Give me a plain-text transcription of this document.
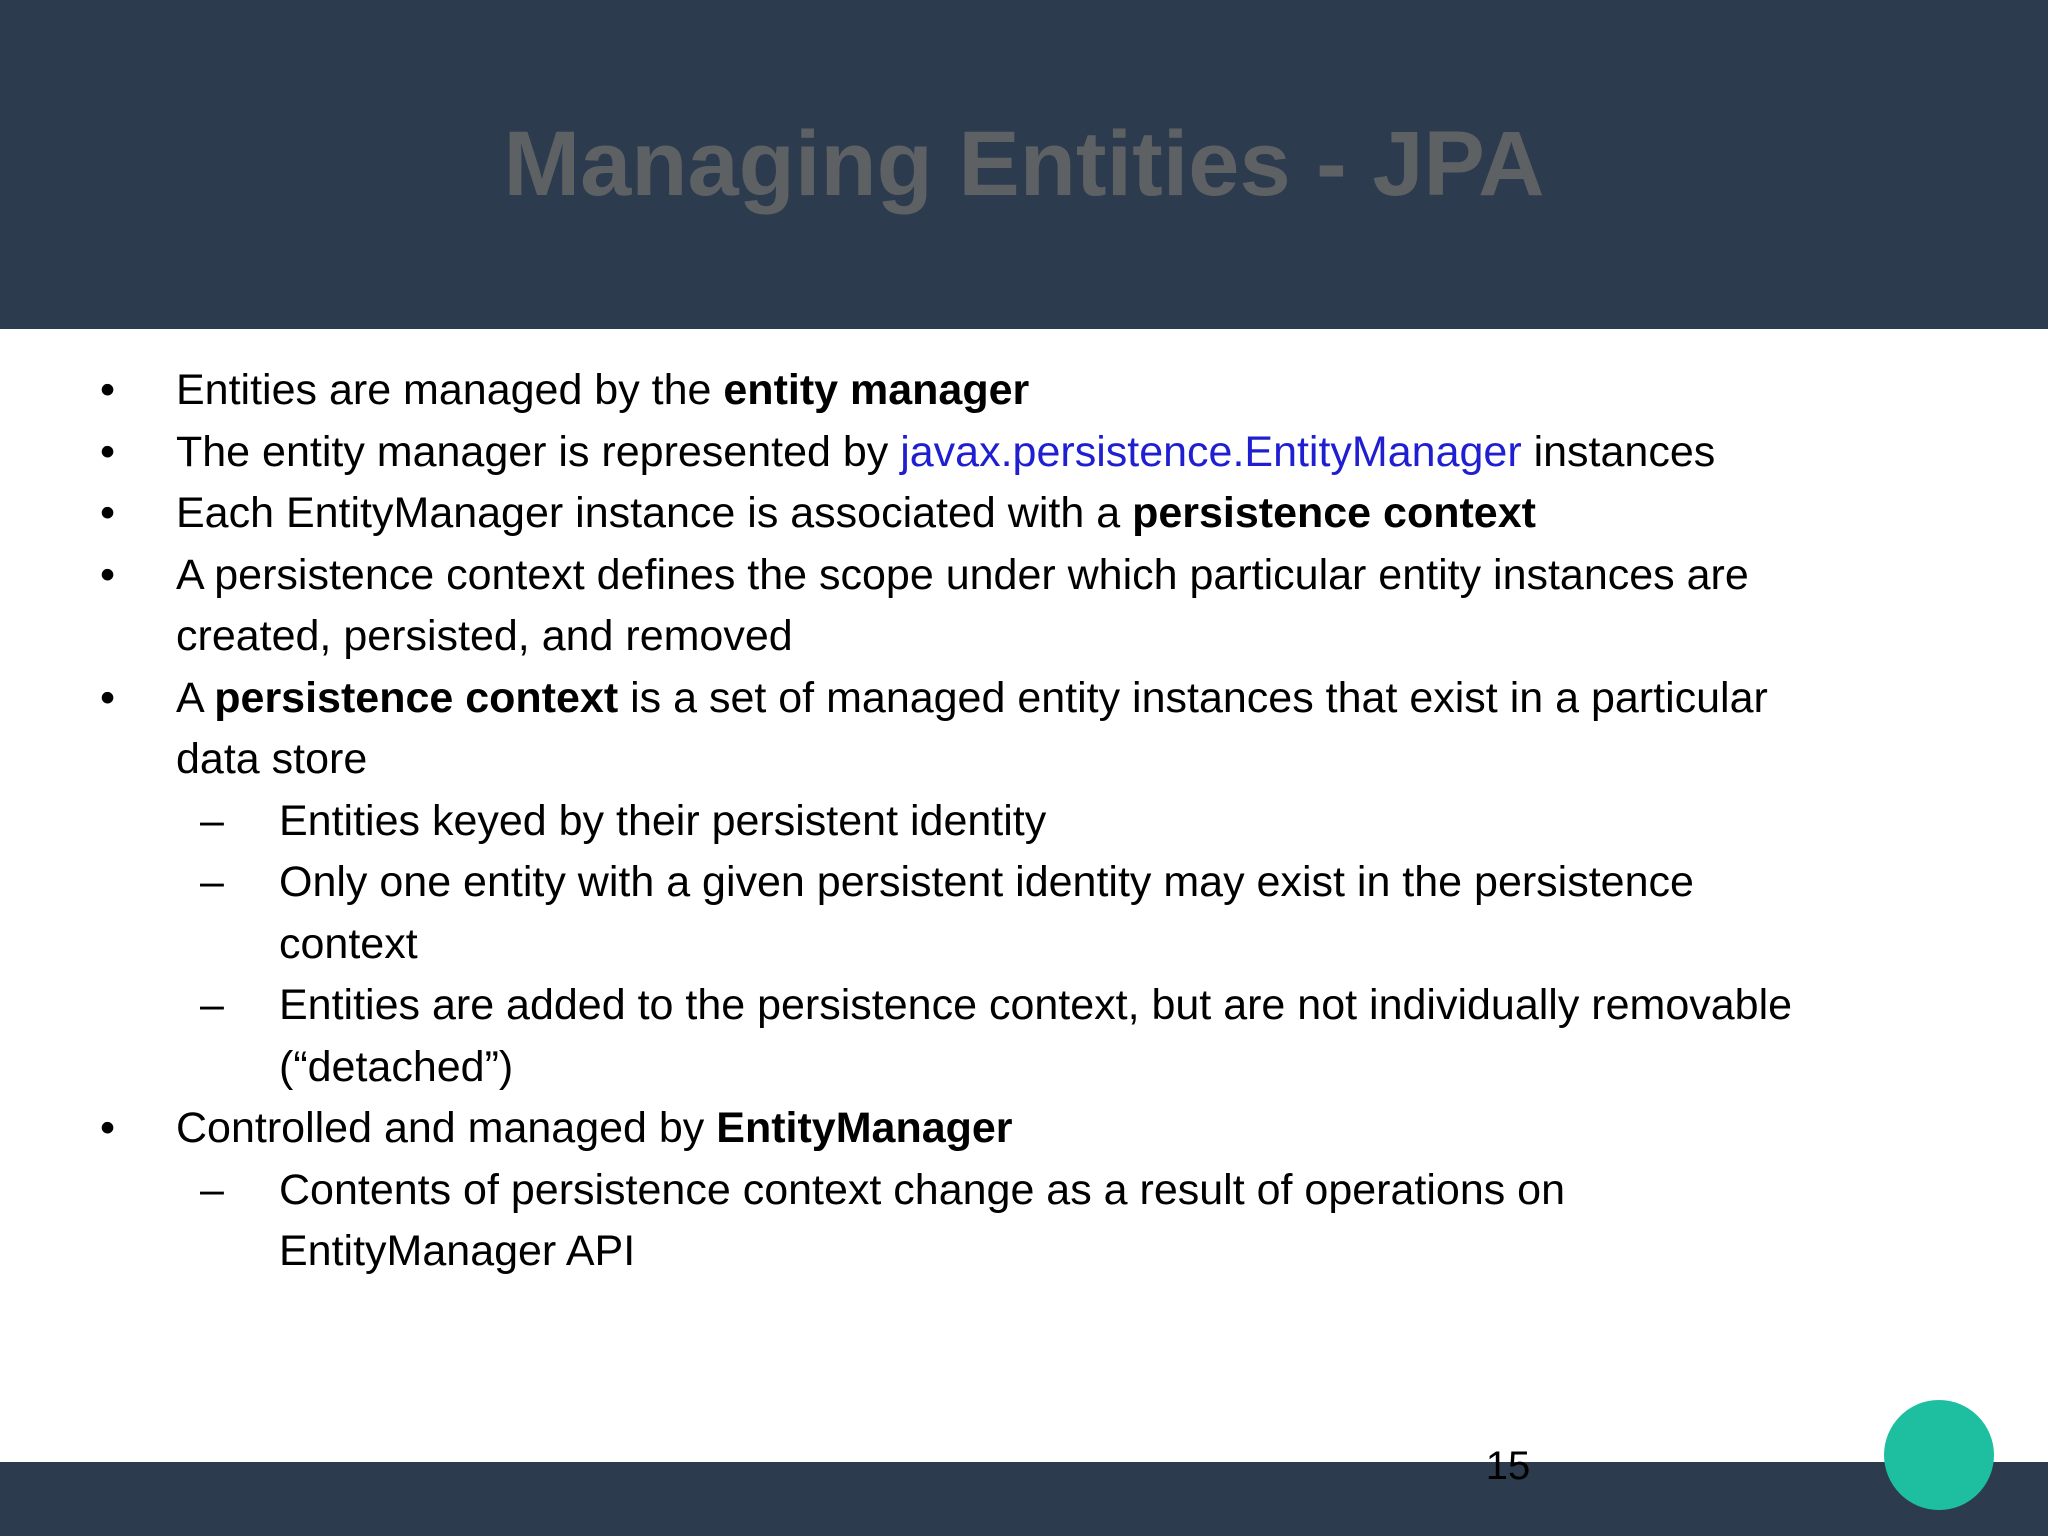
Managing Entities - JPA
• Entities are managed by the entity manager
• The entity manager is represented by javax.persistence.EntityManager instances
• Each EntityManager instance is associated with a persistence context
• A persistence context defines the scope under which particular entity instances are
created, persisted, and removed
• A persistence context is a set of managed entity instances that exist in a particular
data store
– Entities keyed by their persistent identity
– Only one entity with a given persistent identity may exist in the persistence
context
– Entities are added to the persistence context, but are not individually removable
(“detached”)
• Controlled and managed by EntityManager
– Contents of persistence context change as a result of operations on
EntityManager API
15
